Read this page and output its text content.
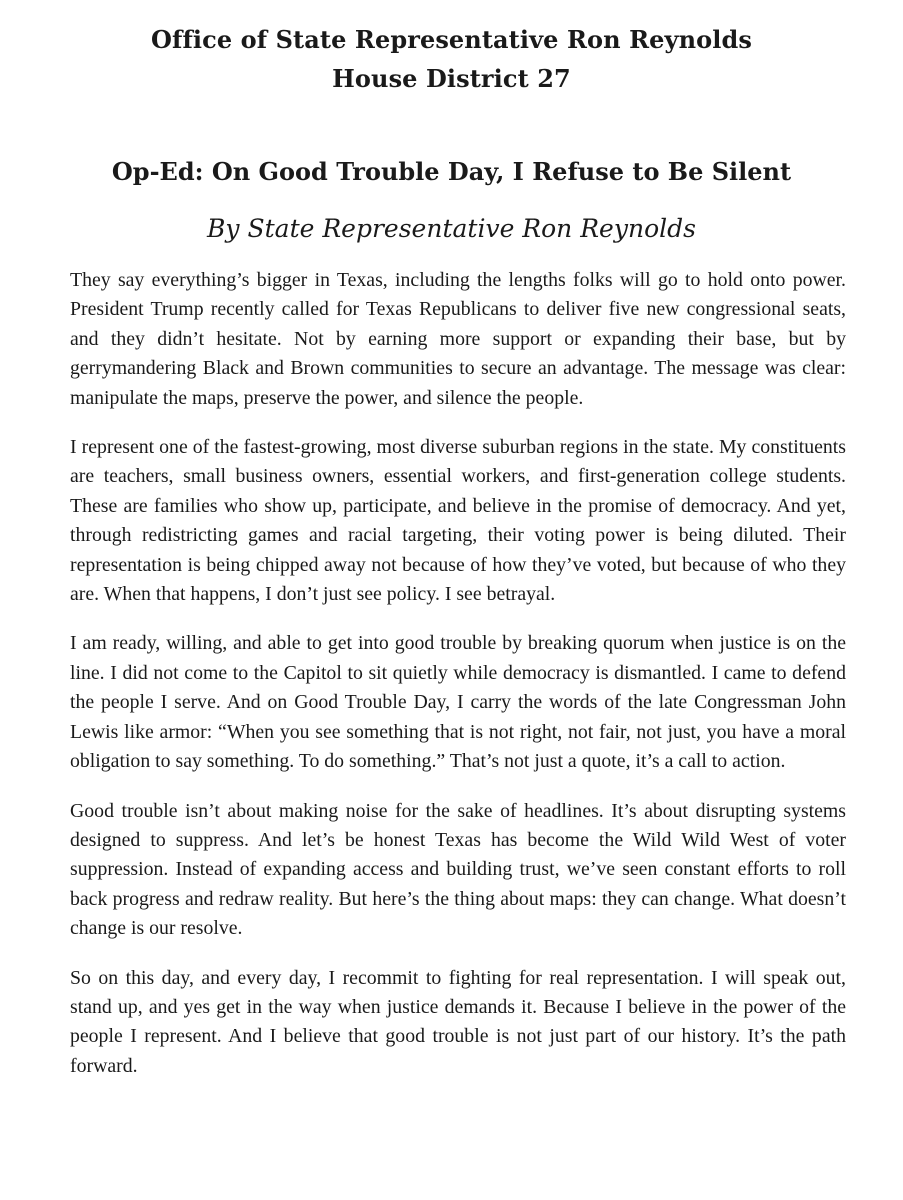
Office of State Representative Ron Reynolds

House District 27

Op-Ed: On Good Trouble Day, I Refuse to Be Silent

By State Representative Ron Reynolds

They say everything’s bigger in Texas, including the lengths folks will go to hold onto power. President Trump recently called for Texas Republicans to deliver five new congressional seats, and they didn’t hesitate. Not by earning more support or expanding their base, but by gerrymandering Black and Brown communities to secure an advantage. The message was clear: manipulate the maps, preserve the power, and silence the people.

I represent one of the fastest-growing, most diverse suburban regions in the state. My constituents are teachers, small business owners, essential workers, and first-generation college students. These are families who show up, participate, and believe in the promise of democracy. And yet, through redistricting games and racial targeting, their voting power is being diluted. Their representation is being chipped away not because of how they’ve voted, but because of who they are. When that happens, I don’t just see policy. I see betrayal.

I am ready, willing, and able to get into good trouble by breaking quorum when justice is on the line. I did not come to the Capitol to sit quietly while democracy is dismantled. I came to defend the people I serve. And on Good Trouble Day, I carry the words of the late Congressman John Lewis like armor: “When you see something that is not right, not fair, not just, you have a moral obligation to say something. To do something.” That’s not just a quote, it’s a call to action.

Good trouble isn’t about making noise for the sake of headlines. It’s about disrupting systems designed to suppress. And let’s be honest Texas has become the Wild Wild West of voter suppression. Instead of expanding access and building trust, we’ve seen constant efforts to roll back progress and redraw reality. But here’s the thing about maps: they can change. What doesn’t change is our resolve.

So on this day, and every day, I recommit to fighting for real representation. I will speak out, stand up, and yes get in the way when justice demands it. Because I believe in the power of the people I represent. And I believe that good trouble is not just part of our history. It’s the path forward.
